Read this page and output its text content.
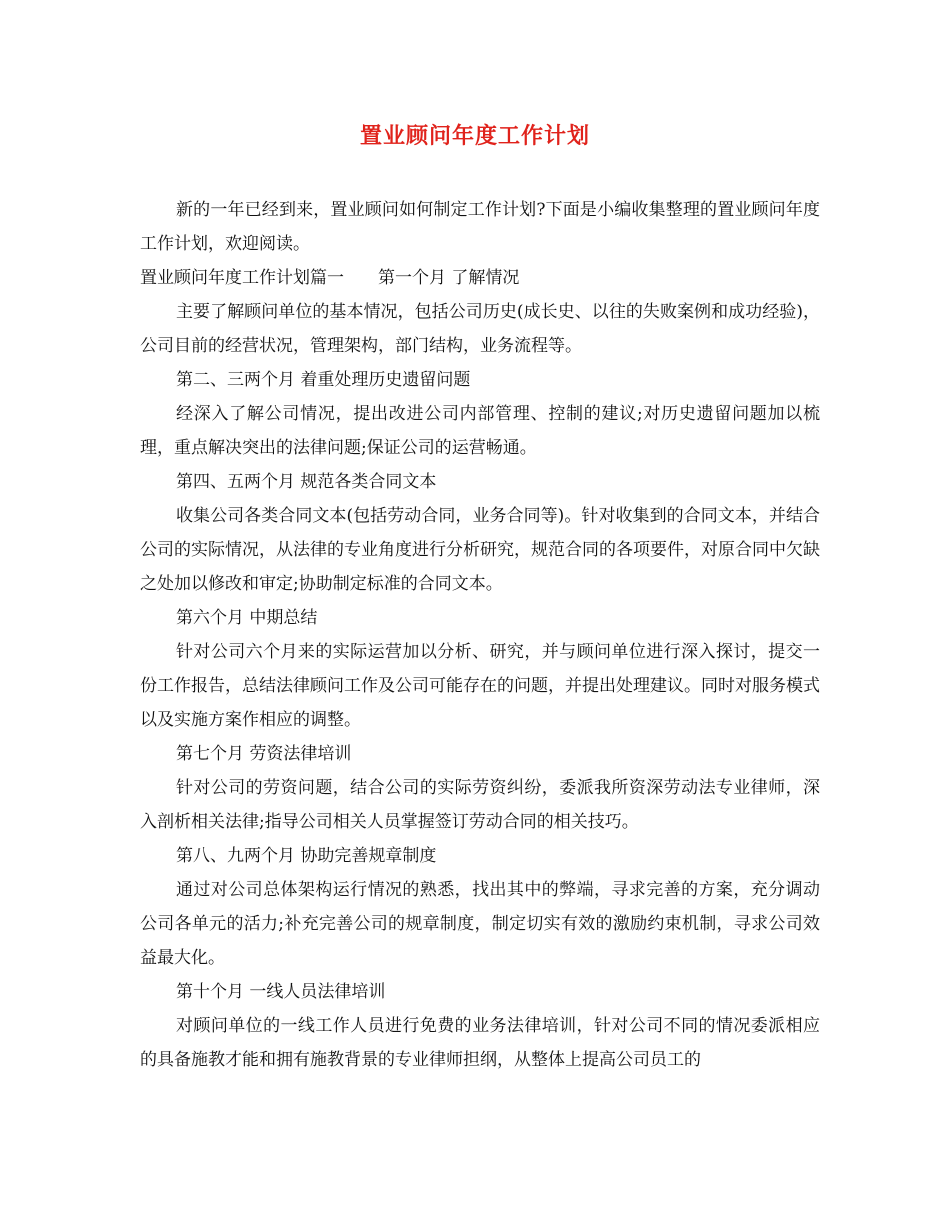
置业顾问年度工作计划

新的一年已经到来，置业顾问如何制定工作计划?下面是小编收集整理的置业顾问年度工作计划，欢迎阅读。

置业顾问年度工作计划篇一 第一个月 了解情况

主要了解顾问单位的基本情况，包括公司历史(成长史、以往的失败案例和成功经验)，公司目前的经营状况，管理架构，部门结构，业务流程等。

第二、三两个月 着重处理历史遗留问题

经深入了解公司情况，提出改进公司内部管理、控制的建议;对历史遗留问题加以梳理，重点解决突出的法律问题;保证公司的运营畅通。

第四、五两个月 规范各类合同文本

收集公司各类合同文本(包括劳动合同，业务合同等)。针对收集到的合同文本，并结合公司的实际情况，从法律的专业角度进行分析研究，规范合同的各项要件，对原合同中欠缺之处加以修改和审定;协助制定标准的合同文本。

第六个月 中期总结

针对公司六个月来的实际运营加以分析、研究，并与顾问单位进行深入探讨，提交一份工作报告，总结法律顾问工作及公司可能存在的问题，并提出处理建议。同时对服务模式以及实施方案作相应的调整。

第七个月 劳资法律培训

针对公司的劳资问题，结合公司的实际劳资纠纷，委派我所资深劳动法专业律师，深入剖析相关法律;指导公司相关人员掌握签订劳动合同的相关技巧。

第八、九两个月 协助完善规章制度

通过对公司总体架构运行情况的熟悉，找出其中的弊端，寻求完善的方案，充分调动公司各单元的活力;补充完善公司的规章制度，制定切实有效的激励约束机制，寻求公司效益最大化。

第十个月 一线人员法律培训

对顾问单位的一线工作人员进行免费的业务法律培训，针对公司不同的情况委派相应的具备施教才能和拥有施教背景的专业律师担纲，从整体上提高公司员工的
